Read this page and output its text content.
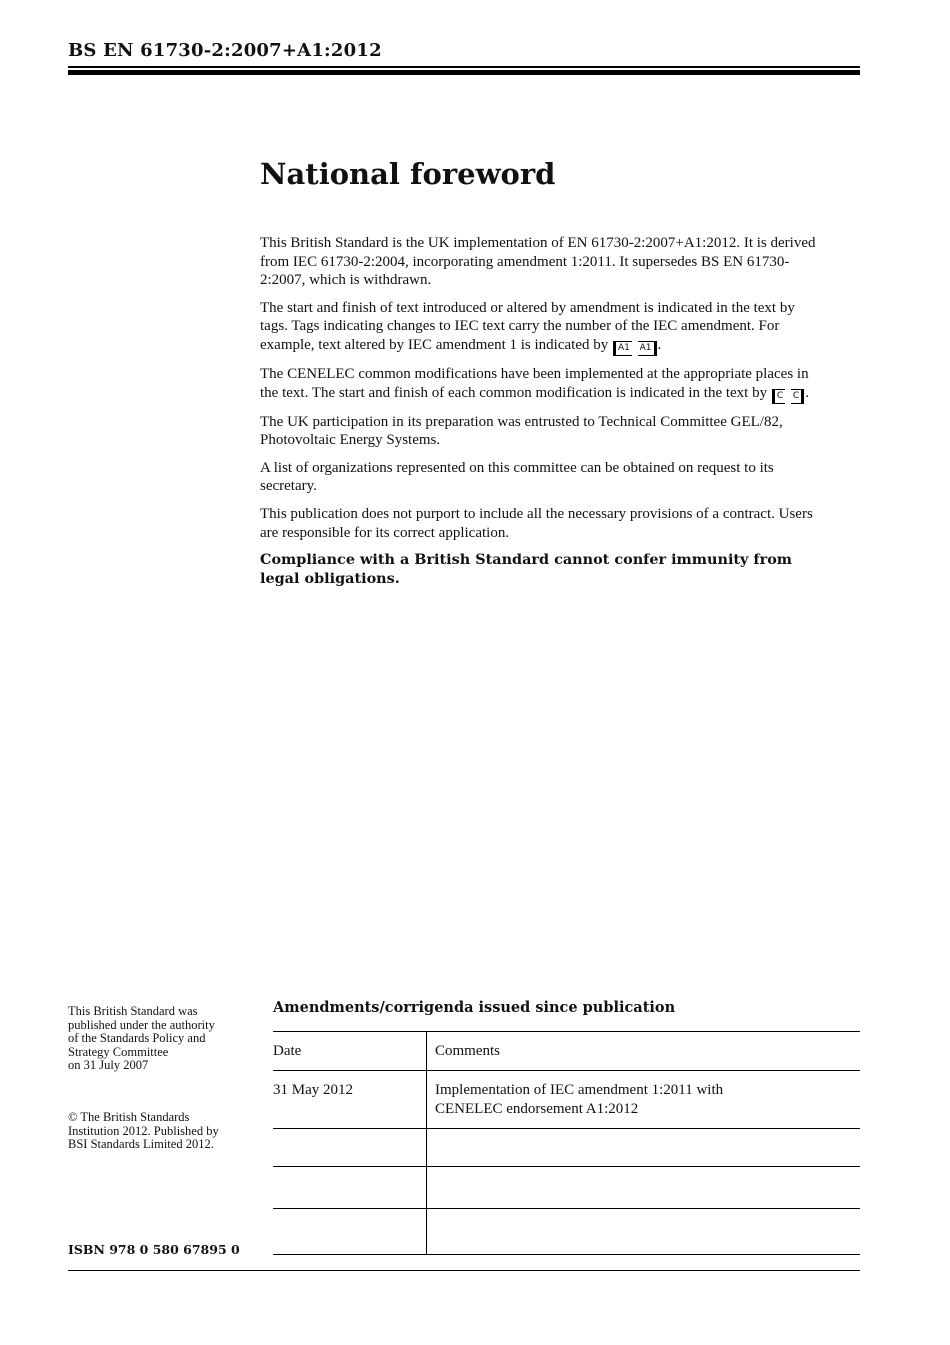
BS EN 61730-2:2007+A1:2012
National foreword

This British Standard is the UK implementation of EN 61730-2:2007+A1:2012. It is derived from IEC 61730-2:2004, incorporating amendment 1:2011. It supersedes BS EN 61730-2:2007, which is withdrawn.

The start and finish of text introduced or altered by amendment is indicated in the text by tags. Tags indicating changes to IEC text carry the number of the IEC amendment. For example, text altered by IEC amendment 1 is indicated by A1 A1 .

The CENELEC common modifications have been implemented at the appropriate places in the text. The start and finish of each common modification is indicated in the text by C C .

The UK participation in its preparation was entrusted to Technical Committee GEL/82, Photovoltaic Energy Systems.

A list of organizations represented on this committee can be obtained on request to its secretary.

This publication does not purport to include all the necessary provisions of a contract. Users are responsible for its correct application.

Compliance with a British Standard cannot confer immunity from legal obligations.

This British Standard was
published under the authority
of the Standards Policy and
Strategy Committee
on 31 July 2007
© The British Standards
Institution 2012. Published by
BSI Standards Limited 2012.
ISBN 978 0 580 67895 0
Amendments/corrigenda issued since publication
Date	Comments
31 May 2012	Implementation of IEC amendment 1:2011 with
CENELEC endorsement A1:2012
